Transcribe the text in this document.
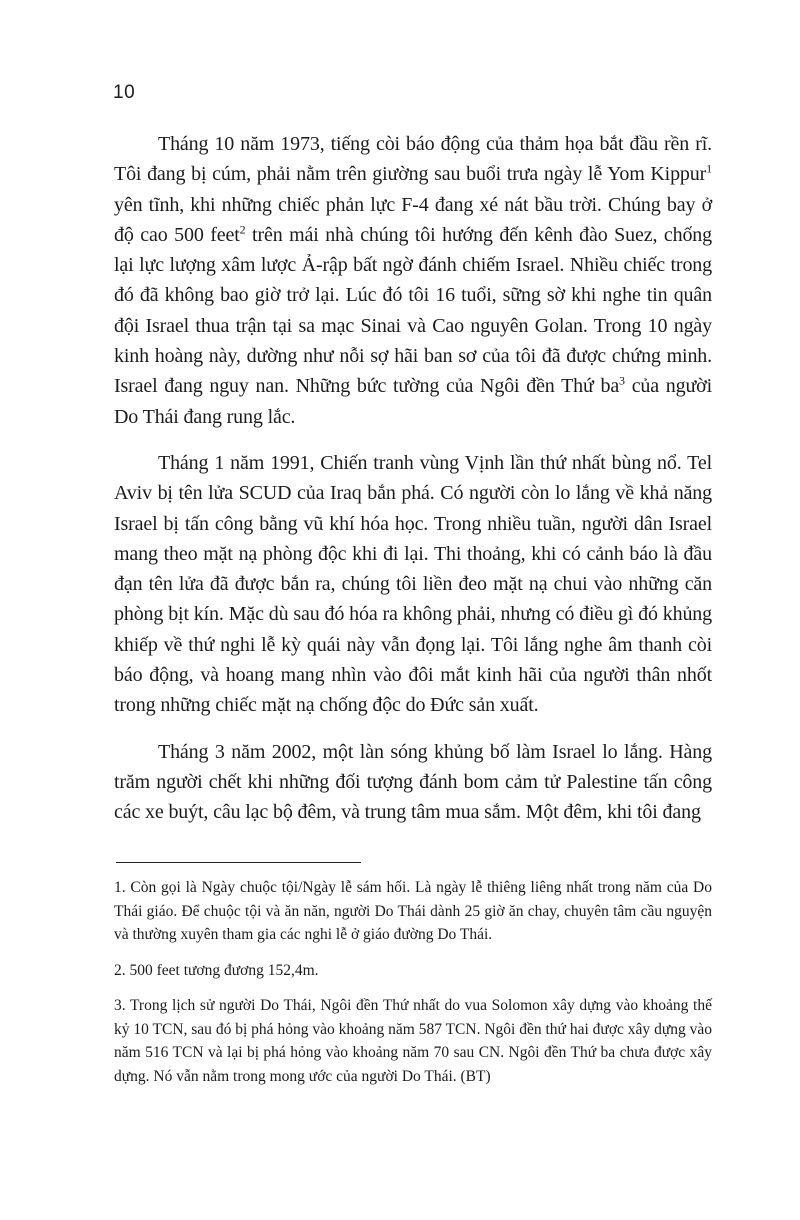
10

Tháng 10 năm 1973, tiếng còi báo động của thảm họa bắt đầu rền rĩ. Tôi đang bị cúm, phải nằm trên giường sau buổi trưa ngày lễ Yom Kippur$^1$ yên tĩnh, khi những chiếc phản lực F-4 đang xé nát bầu trời. Chúng bay ở độ cao 500 feet$^2$ trên mái nhà chúng tôi hướng đến kênh đào Suez, chống lại lực lượng xâm lược Ả-rập bất ngờ đánh chiếm Israel. Nhiều chiếc trong đó đã không bao giờ trở lại. Lúc đó tôi 16 tuổi, sững sờ khi nghe tin quân đội Israel thua trận tại sa mạc Sinai và Cao nguyên Golan. Trong 10 ngày kinh hoàng này, dường như nỗi sợ hãi ban sơ của tôi đã được chứng minh. Israel đang nguy nan. Những bức tường của Ngôi đền Thứ $ba^3$ của người Do Thái đang rung lắc.

Tháng 1 năm 1991, Chiến tranh vùng Vịnh lần thứ nhất bùng nổ. Tel Aviv bị tên lửa SCUD của Iraq bắn phá. Có người còn lo lắng về khả năng Israel bị tấn công bằng vũ khí hóa học. Trong nhiều tuần, người dân Israel mang theo mặt nạ phòng độc khi đi lại. Thi thoảng, khi có cảnh báo là đầu đạn tên lửa đã được bắn ra, chúng tôi liền đeo mặt nạ chui vào những căn phòng bịt kín. Mặc dù sau đó hóa ra không phải, nhưng có điều gì đó khủng khiếp về thứ nghi lễ kỳ quái này vẫn đọng lại. Tôi lắng nghe âm thanh còi báo động, và hoang mang nhìn vào đôi mắt kinh hãi của người thân nhốt trong những chiếc mặt nạ chống độc do Đức sản xuất.

Tháng 3 năm 2002, một làn sóng khủng bố làm Israel lo lắng. Hàng trăm người chết khi những đối tượng đánh bom cảm tử Palestine tấn công các xe buýt, câu lạc bộ đêm, và trung tâm mua sắm. Một đêm, khi tôi đang

1. Còn gọi là Ngày chuộc tội/Ngày lễ sám hối. Là ngày lễ thiêng liêng nhất trong năm của Do Thái giáo. Để chuộc tội và ăn năn, người Do Thái dành 25 giờ ăn chay, chuyên tâm cầu nguyện và thường xuyên tham gia các nghi lễ ở giáo đường Do Thái.

2. 500 feet tương đương 152,4m.

3. Trong lịch sử người Do Thái, Ngôi đền Thứ nhất do vua Solomon xây dựng vào khoảng thế kỷ 10 TCN, sau đó bị phá hỏng vào khoảng năm 587 TCN. Ngôi đền thứ hai được xây dựng vào năm 516 TCN và lại bị phá hỏng vào khoảng năm 70 sau CN. Ngôi đền Thứ ba chưa được xây dựng. Nó vẫn nằm trong mong ước của người Do Thái. (BT)
